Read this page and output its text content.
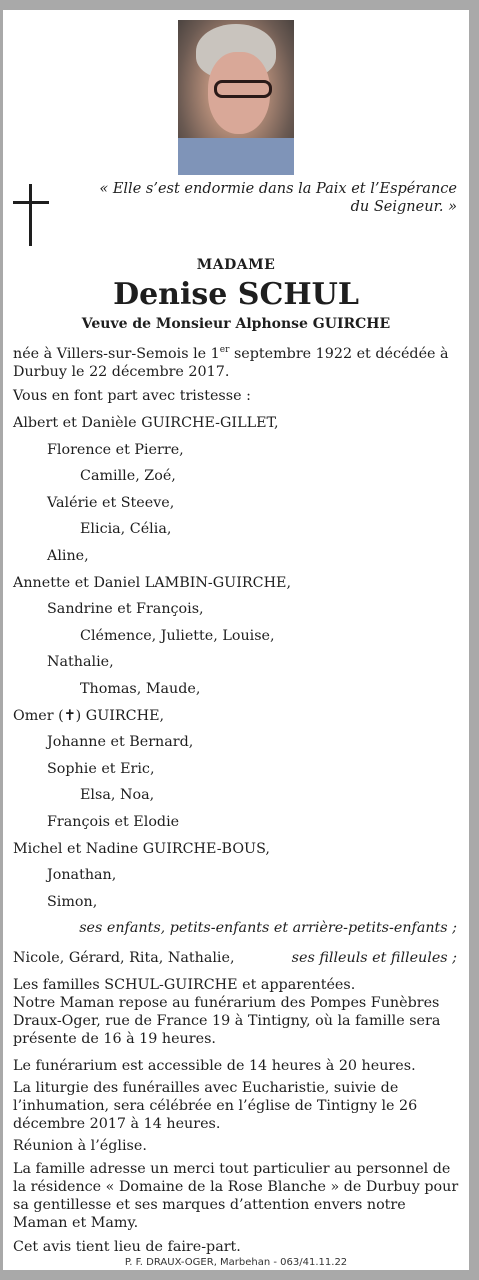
« Elle s’est endormie dans la Paix et l’Espérance du Seigneur. »
MADAME
Denise SCHUL
Veuve de Monsieur Alphonse GUIRCHE
née à Villers-sur-Semois le 1er septembre 1922 et décédée à Durbuy le 22 décembre 2017.
Vous en font part avec tristesse :
Albert et Danièle GUIRCHE-GILLET,
Florence et Pierre,
Camille, Zoé,
Valérie et Steeve,
Elicia, Célia,
Aline,
Annette et Daniel LAMBIN-GUIRCHE,
Sandrine et François,
Clémence, Juliette, Louise,
Nathalie,
Thomas, Maude,
Omer (✝) GUIRCHE,
Johanne et Bernard,
Sophie et Eric,
Elsa, Noa,
François et Elodie
Michel et Nadine GUIRCHE-BOUS,
Jonathan,
Simon,
ses enfants, petits-enfants et arrière-petits-enfants ;
Nicole, Gérard, Rita, Nathalie,	ses filleuls et filleules ;
Les familles SCHUL-GUIRCHE et apparentées.
Notre Maman repose au funérarium des Pompes Funèbres Draux-Oger, rue de France 19 à Tintigny, où la famille sera présente de 16 à 19 heures.
Le funérarium est accessible de 14 heures à 20 heures.
La liturgie des funérailles avec Eucharistie, suivie de l’inhumation, sera célébrée en l’église de Tintigny le 26 décembre 2017 à 14 heures.
Réunion à l’église.
La famille adresse un merci tout particulier au personnel de la résidence « Domaine de la Rose Blanche » de Durbuy pour sa gentillesse et ses marques d’attention envers notre Maman et Mamy.
Cet avis tient lieu de faire-part.
P. F. DRAUX-OGER, Marbehan - 063/41.11.22
